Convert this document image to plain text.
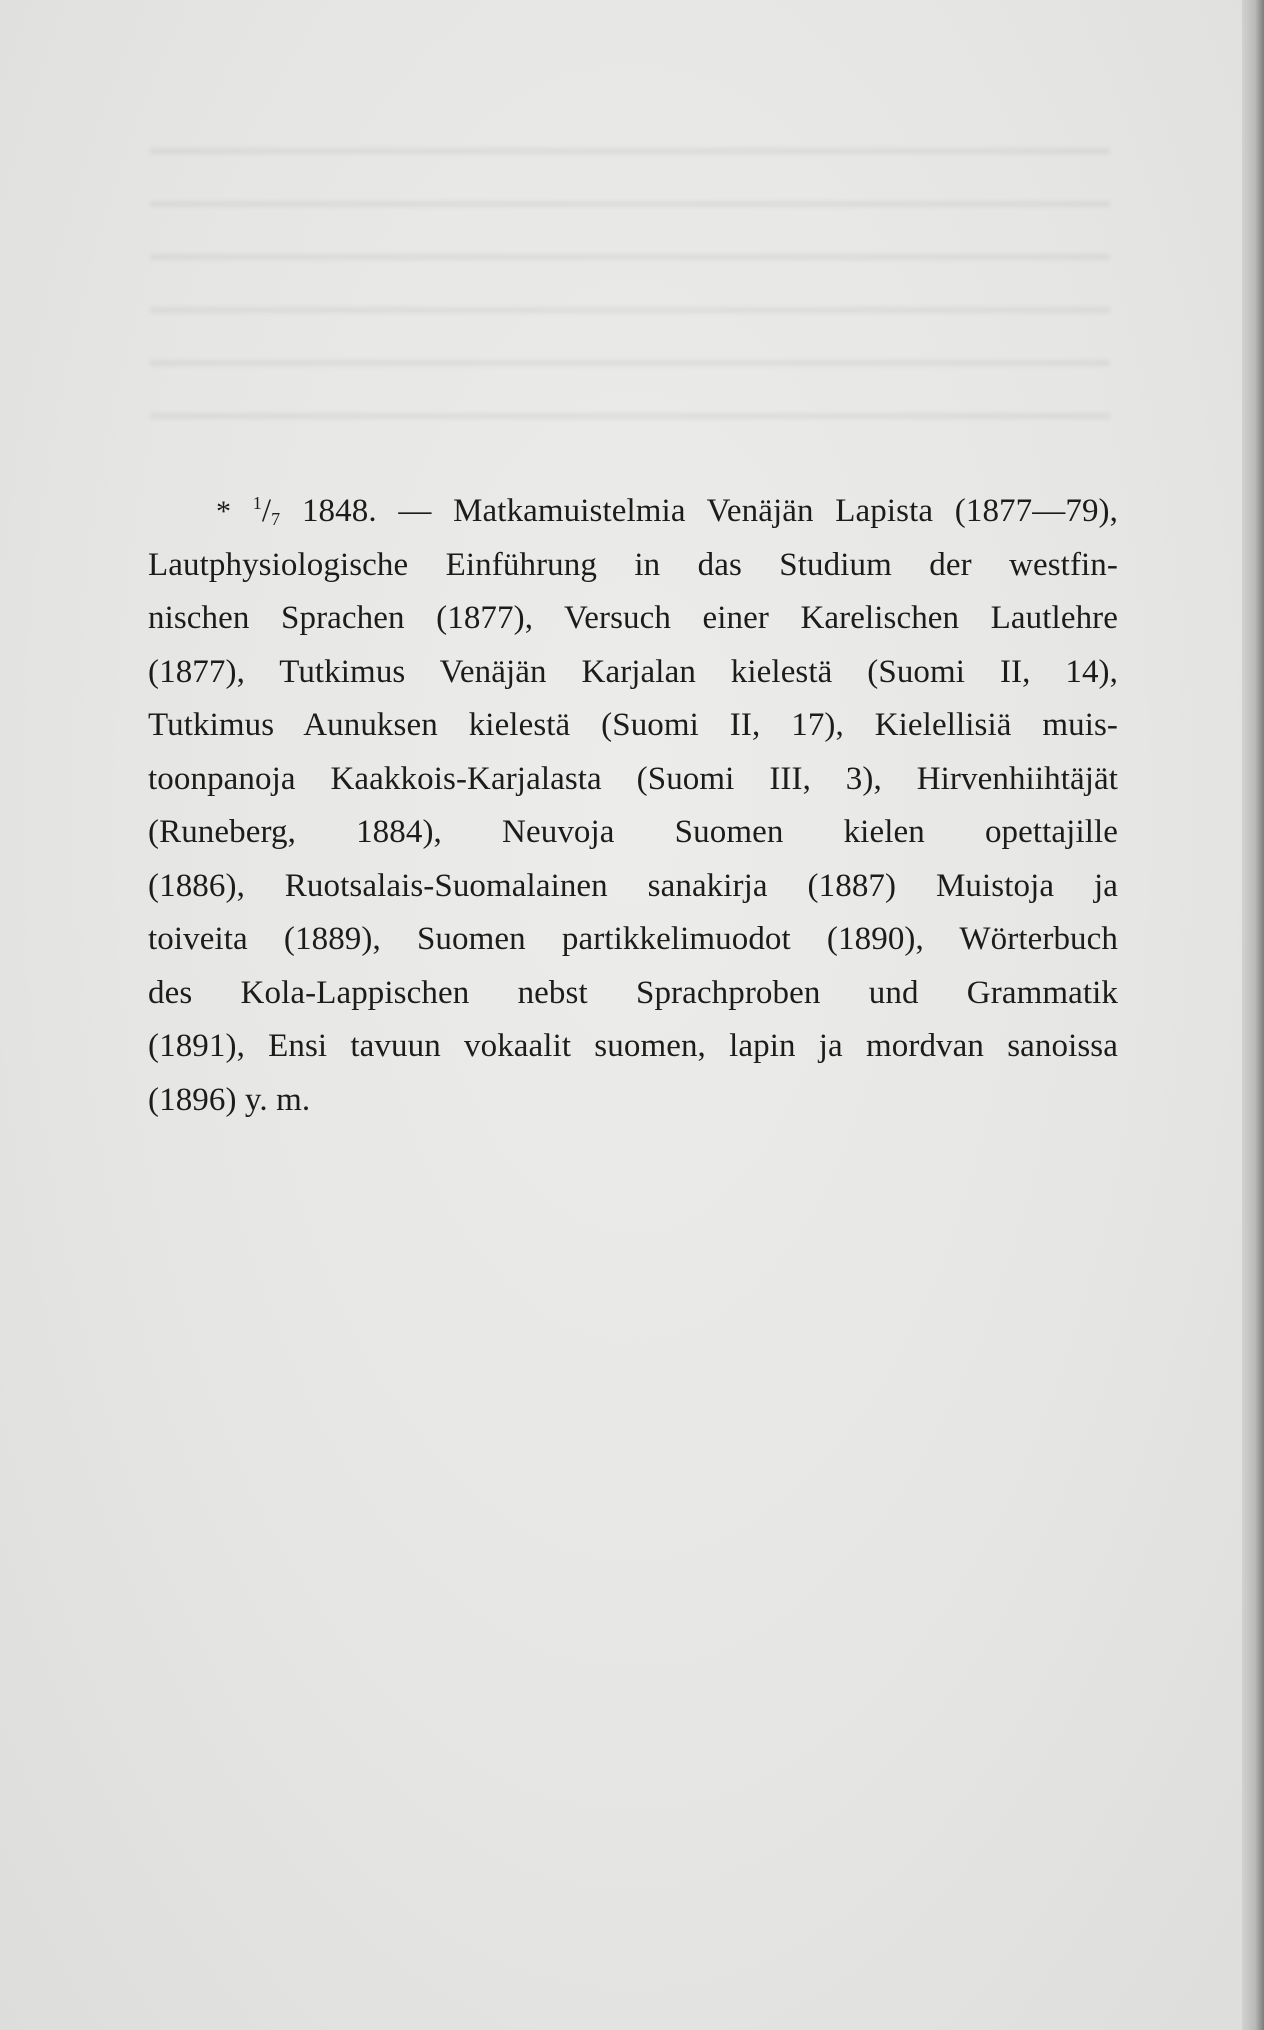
* $^1/_7$ 1848. — Matkamuistelmia Venäjän Lapista (1877—79),
Lautphysiologische Einführung in das Studium der westfin-
nischen Sprachen (1877), Versuch einer Karelischen Lautlehre
(1877), Tutkimus Venäjän Karjalan kielestä (Suomi II, 14),
Tutkimus Aunuksen kielestä (Suomi II, 17), Kielellisiä muis-
toonpanoja Kaakkois-Karjalasta (Suomi III, 3), Hirvenhiihtäjät
(Runeberg, 1884), Neuvoja Suomen kielen opettajille
(1886), Ruotsalais-Suomalainen sanakirja (1887) Muistoja ja
toiveita (1889), Suomen partikkelimuodot (1890), Wörterbuch
des Kola-Lappischen nebst Sprachproben und Grammatik
(1891), Ensi tavuun vokaalit suomen, lapin ja mordvan sanoissa
(1896) y. m.
